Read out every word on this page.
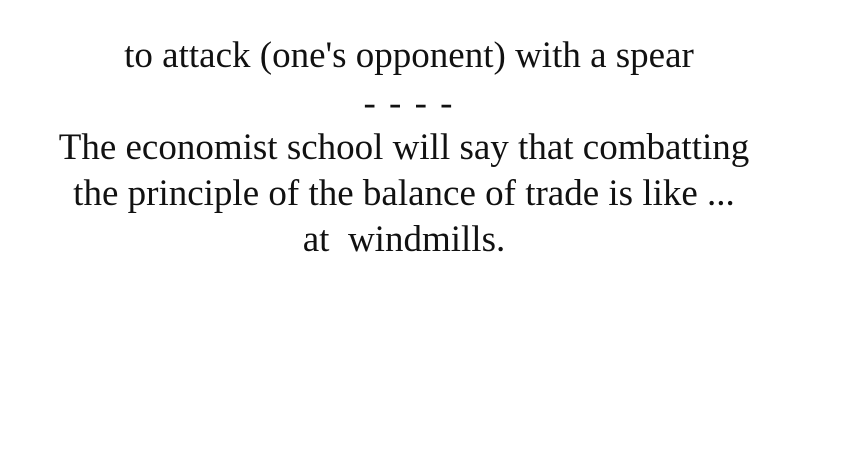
to attack (one's opponent) with a spear
- - - -
The economist school will say that combatting
the principle of the balance of trade is like ...
at  windmills.
